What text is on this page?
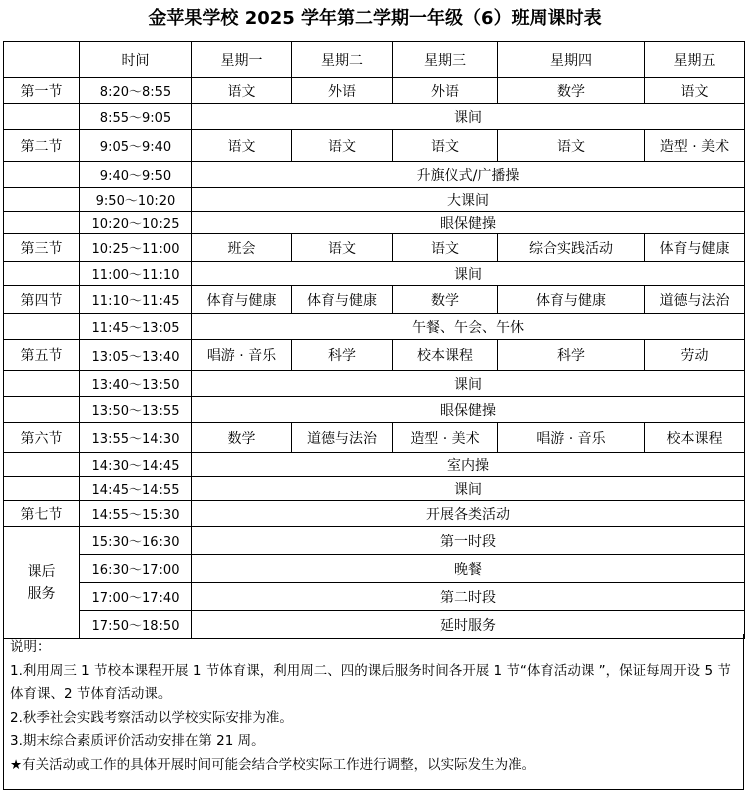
金苹果学校 2025 学年第二学期一年级（6）班周课时表
	时间	星期一	星期二	星期三	星期四	星期五
第一节	8:20～8:55	语文	外语	外语	数学	语文
	8:55～9:05	课间				
第二节	9:05～9:40	语文	语文	语文	语文	造型 · 美术
	9:40～9:50	升旗仪式/广播操				
	9:50～10:20	大课间				
	10:20～10:25	眼保健操				
第三节	10:25～11:00	班会	语文	语文	综合实践活动	体育与健康
	11:00～11:10	课间				
第四节	11:10～11:45	体育与健康	体育与健康	数学	体育与健康	道德与法治
	11:45～13:05	午餐、午会、午休				
第五节	13:05～13:40	唱游 · 音乐	科学	校本课程	科学	劳动
	13:40～13:50	课间				
	13:50～13:55	眼保健操				
第六节	13:55～14:30	数学	道德与法治	造型 · 美术	唱游 · 音乐	校本课程
	14:30～14:45	室内操				
	14:45～14:55	课间				
第七节	14:55～15:30	开展各类活动				

课后
服务	15:30～16:30	第一时段				
	16:30～17:00	晚餐				
	17:00～17:40	第二时段				
	17:50～18:50	延时服务				
说明：
1.利用周三 1 节校本课程开展 1 节体育课，利用周二、四的课后服务时间各开展 1 节“体育活动课 ”，保证每周开设 5 节体育课、2 节体育活动课。
2.秋季社会实践考察活动以学校实际安排为准。
3.期末综合素质评价活动安排在第 21 周。
★有关活动或工作的具体开展时间可能会结合学校实际工作进行调整，以实际发生为准。
